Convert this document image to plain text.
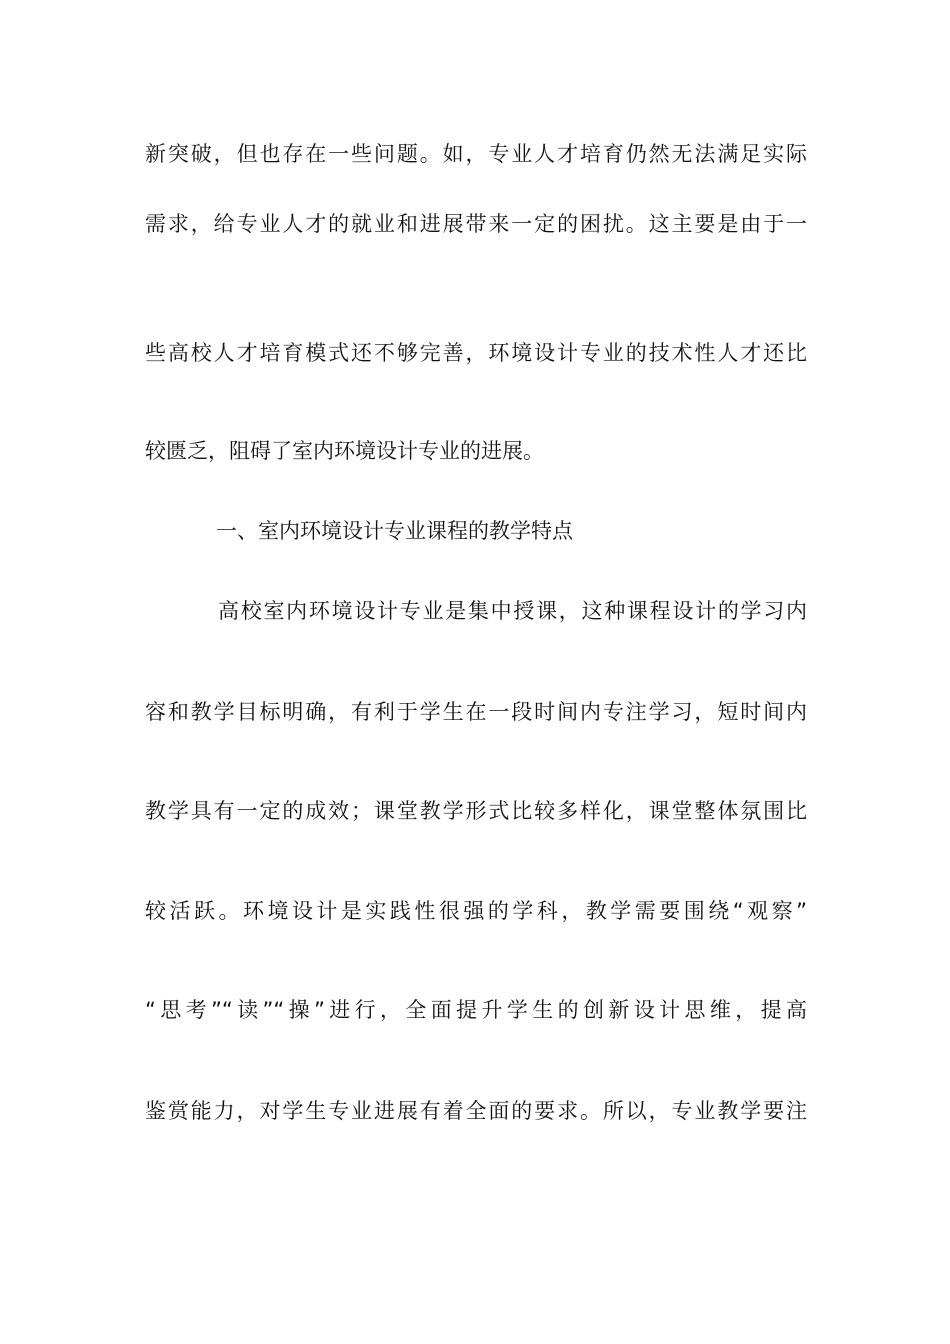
新突破，但也存在一些问题。如，专业人才培育仍然无法满足实际
需求，给专业人才的就业和进展带来一定的困扰。这主要是由于一
些高校人才培育模式还不够完善，环境设计专业的技术性人才还比
较匮乏，阻碍了室内环境设计专业的进展。
一、室内环境设计专业课程的教学特点
高校室内环境设计专业是集中授课，这种课程设计的学习内
容和教学目标明确，有利于学生在一段时间内专注学习，短时间内
教学具有一定的成效；课堂教学形式比较多样化，课堂整体氛围比
较活跃。环境设计是实践性很强的学科，教学需要围绕“观察”
“思考”“读”“操”进行，全面提升学生的创新设计思维，提高
鉴赏能力，对学生专业进展有着全面的要求。所以，专业教学要注
